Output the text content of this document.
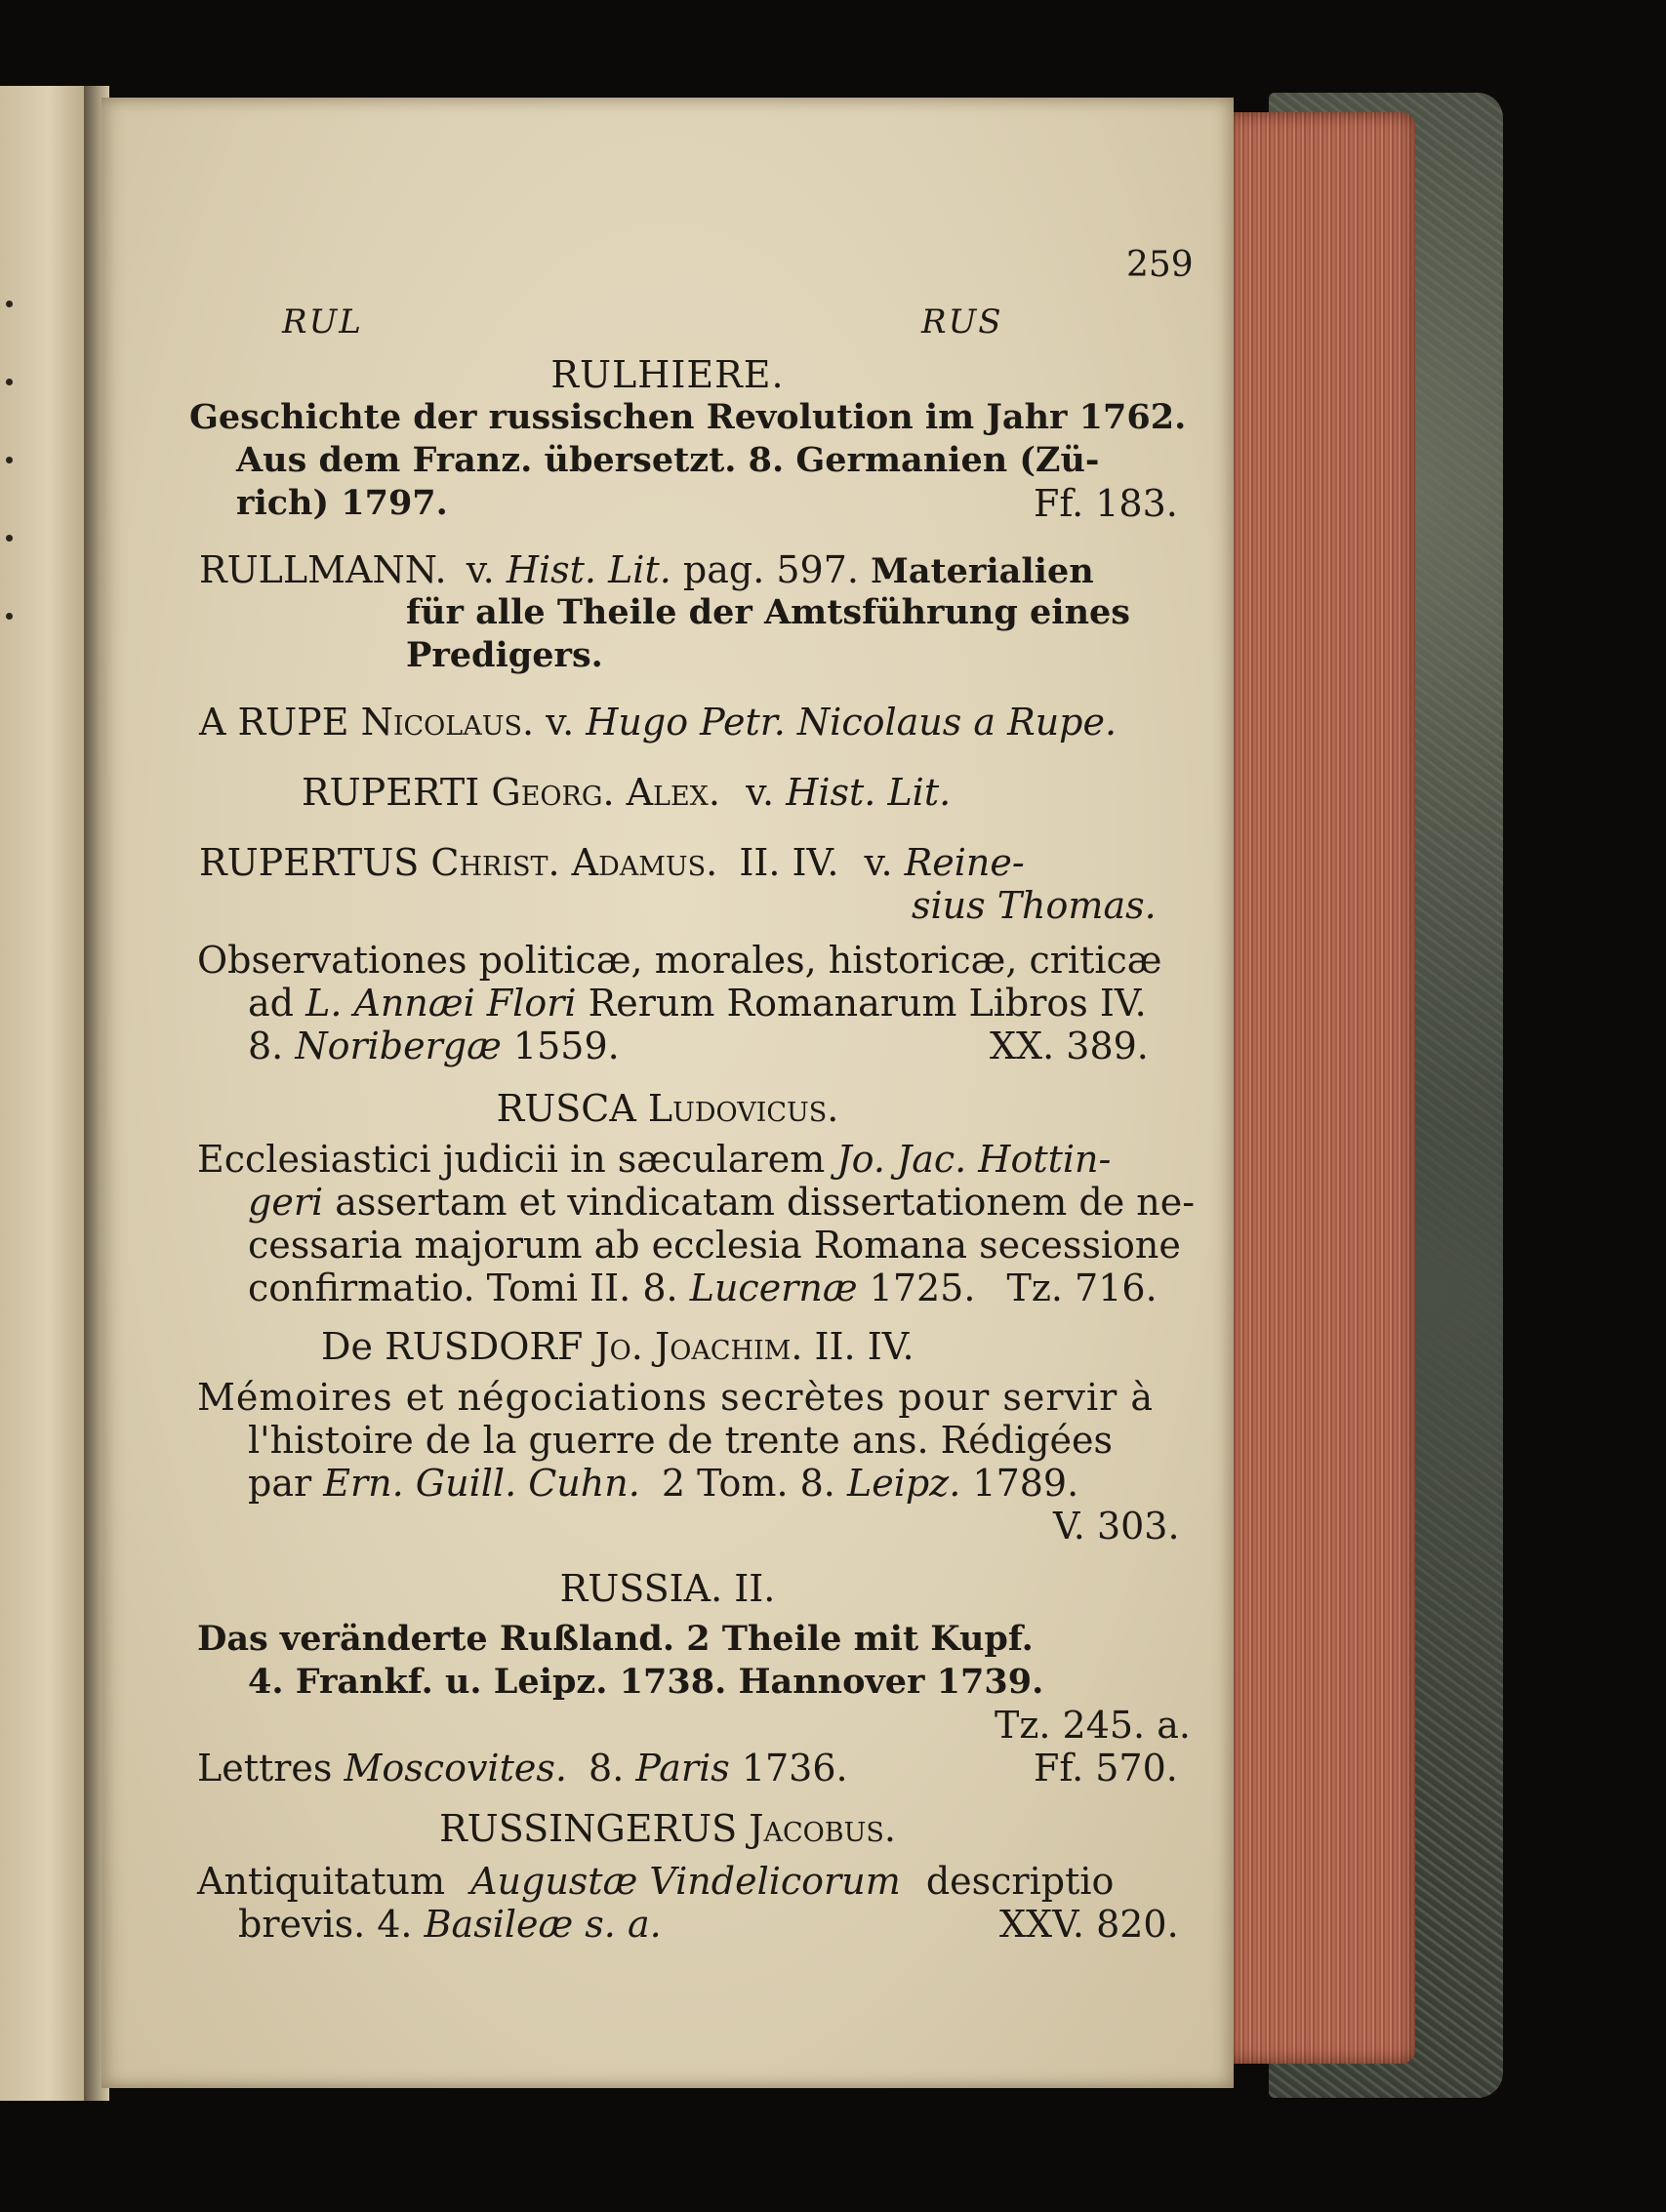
259
RUL	RUS
RULHIERE.
Geschichte der russischen Revolution im Jahr 1762.
Aus dem Franz. übersetzt. 8. Germanien (Zü-
rich) 1797.	Ff. 183.
RULLMANN. v. Hist. Lit. pag. 597. Materialien
für alle Theile der Amtsführung eines
Predigers.
A RUPE Nicolaus. v. Hugo Petr. Nicolaus a Rupe.
RUPERTI Georg. Alex. v. Hist. Lit.
RUPERTUS Christ. Adamus. II. IV. v. Reine-
sius Thomas.
Observationes politicæ, morales, historicæ, criticæ
ad L. Annæi Flori Rerum Romanarum Libros IV.
8. Noribergæ 1559.	XX. 389.
RUSCA Ludovicus.
Ecclesiastici judicii in sæcularem Jo. Jac. Hottin-
geri assertam et vindicatam dissertationem de ne-
cessaria majorum ab ecclesia Romana secessione
confirmatio. Tomi II. 8. Lucernæ 1725. Tz. 716.
De RUSDORF Jo. Joachim. II. IV.
Mémoires et négociations secrètes pour servir à
l'histoire de la guerre de trente ans. Rédigées
par Ern. Guill. Cuhn. 2 Tom. 8. Leipz. 1789.
V. 303.
RUSSIA. II.
Das veränderte Rußland. 2 Theile mit Kupf.
4. Frankf. u. Leipz. 1738. Hannover 1739.
Tz. 245. a.
Lettres Moscovites. 8. Paris 1736.	Ff. 570.
RUSSINGERUS Jacobus.
Antiquitatum Augustæ Vindelicorum descriptio
brevis. 4. Basileæ s. a.	XXV. 820.
